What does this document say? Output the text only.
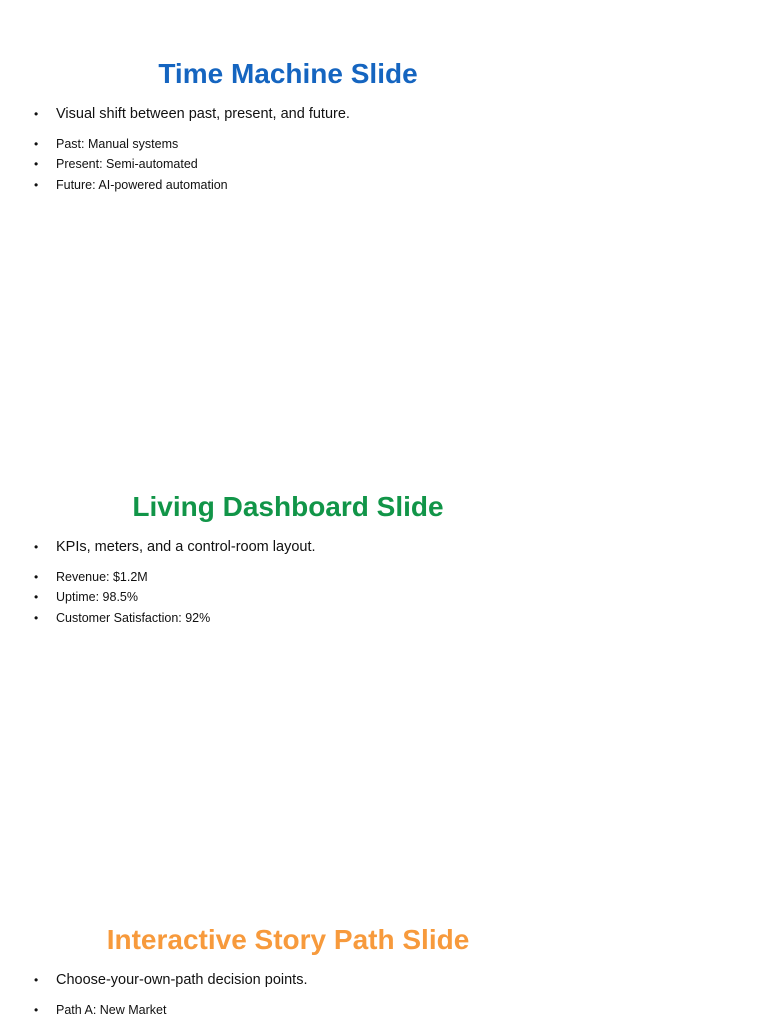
Time Machine Slide
• Visual shift between past, present, and future.
• Past: Manual systems
• Present: Semi-automated
• Future: AI-powered automation
Living Dashboard Slide
• KPIs, meters, and a control-room layout.
• Revenue: $1.2M
• Uptime: 98.5%
• Customer Satisfaction: 92%
Interactive Story Path Slide
• Choose-your-own-path decision points.
• Path A: New Market
